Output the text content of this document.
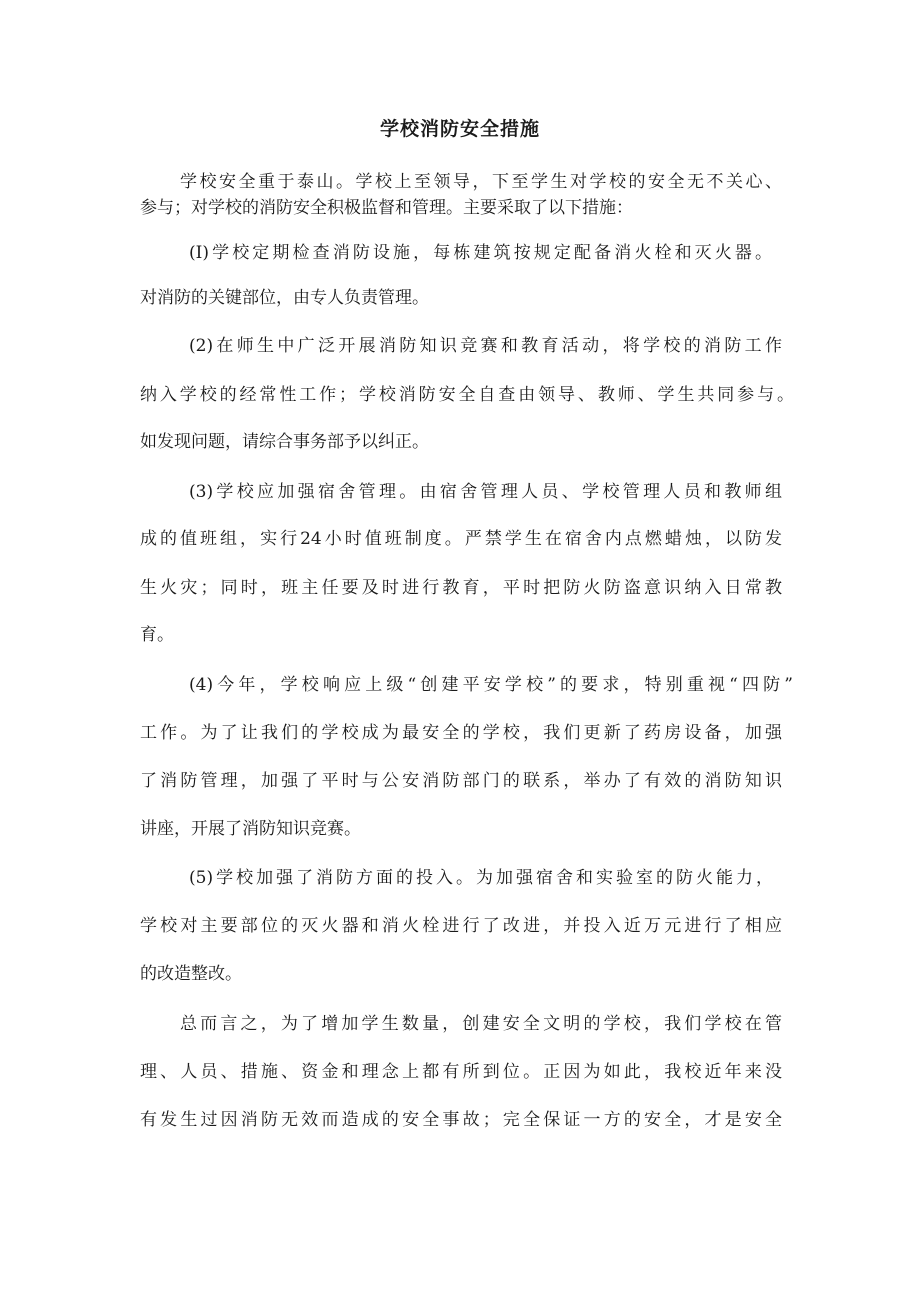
学校消防安全措施

学校安全重于泰山。学校上至领导，下至学生对学校的安全无不关心、

参与；对学校的消防安全积极监督和管理。主要采取了以下措施：

(I)学校定期检查消防设施，每栋建筑按规定配备消火栓和灭火器。

对消防的关键部位，由专人负责管理。

(2)在师生中广泛开展消防知识竞赛和教育活动，将学校的消防工作

纳入学校的经常性工作；学校消防安全自查由领导、教师、学生共同参与。

如发现问题，请综合事务部予以纠正。

(3)学校应加强宿舍管理。由宿舍管理人员、学校管理人员和教师组

成的值班组，实行24小时值班制度。严禁学生在宿舍内点燃蜡烛，以防发

生火灾；同时，班主任要及时进行教育，平时把防火防盗意识纳入日常教

育。

(4)今年，学校响应上级“创建平安学校”的要求，特别重视“四防”

工作。为了让我们的学校成为最安全的学校，我们更新了药房设备，加强

了消防管理，加强了平时与公安消防部门的联系，举办了有效的消防知识

讲座，开展了消防知识竞赛。

(5)学校加强了消防方面的投入。为加强宿舍和实验室的防火能力，

学校对主要部位的灭火器和消火栓进行了改进，并投入近万元进行了相应

的改造整改。

总而言之，为了增加学生数量，创建安全文明的学校，我们学校在管

理、人员、措施、资金和理念上都有所到位。正因为如此，我校近年来没

有发生过因消防无效而造成的安全事故；完全保证一方的安全，才是安全
